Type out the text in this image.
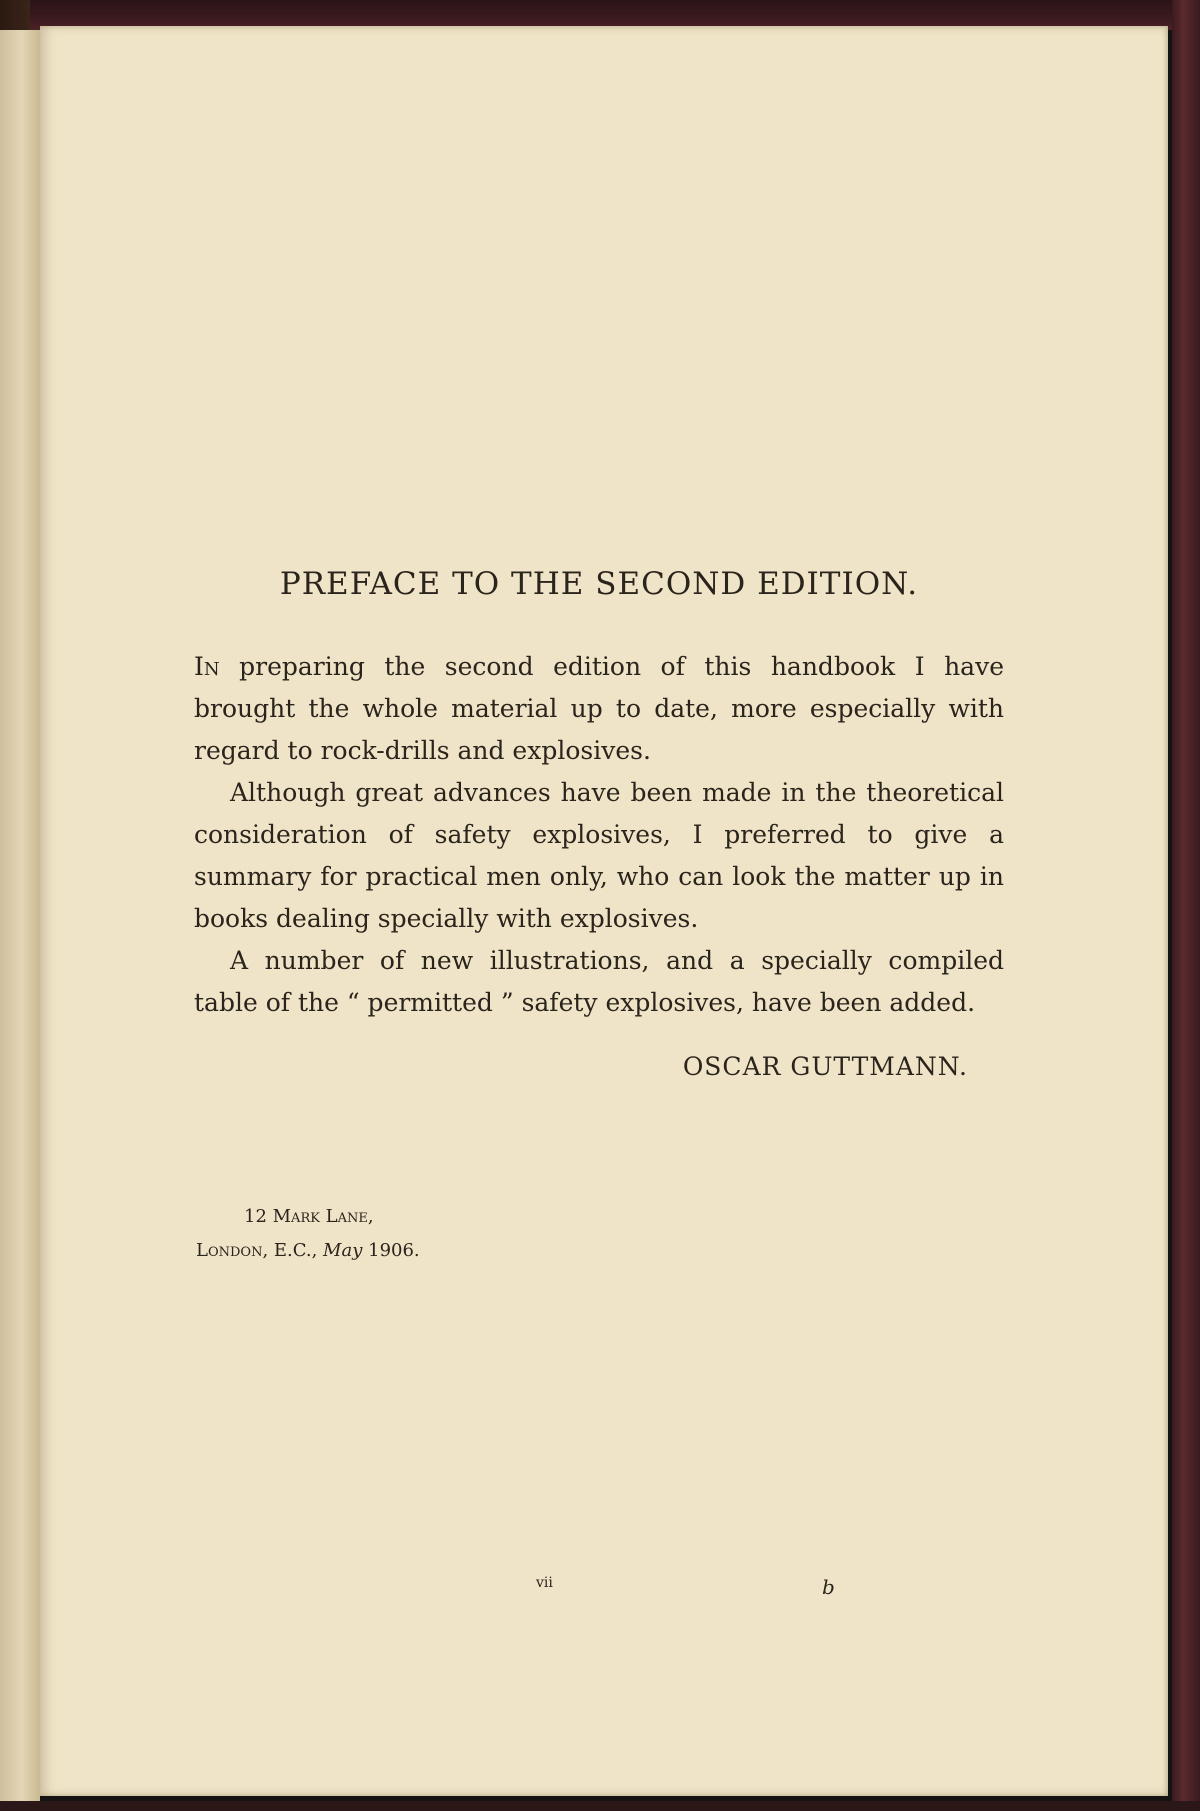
PREFACE TO THE SECOND EDITION.

In preparing the second edition of this handbook I have brought the whole material up to date, more especially with regard to rock-drills and explosives.

Although great advances have been made in the theoretical consideration of safety explosives, I preferred to give a summary for practical men only, who can look the matter up in books dealing specially with explosives.

A number of new illustrations, and a specially compiled table of the “ permitted ” safety explosives, have been added.

OSCAR GUTTMANN.
12 Mark Lane,
London, E.C., May 1906.
vii	b
